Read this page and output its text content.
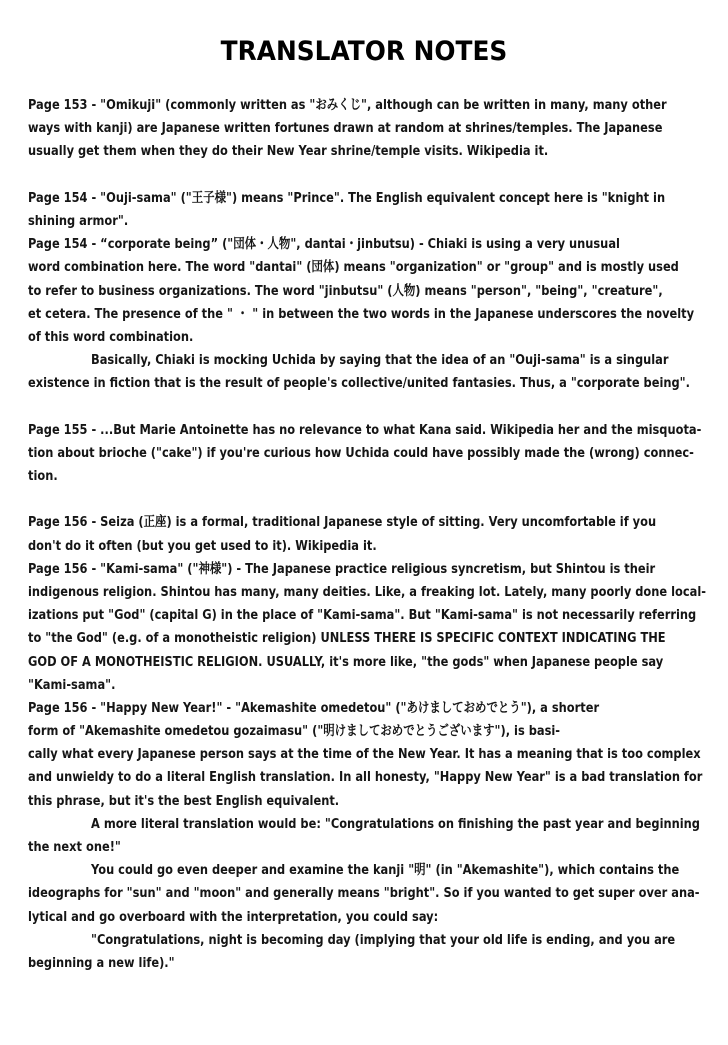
TRANSLATOR NOTES
Page 153 - "Omikuji" (commonly written as "おみくじ", although can be written in many, many other
ways with kanji) are Japanese written fortunes drawn at random at shrines/temples. The Japanese
usually get them when they do their New Year shrine/temple visits. Wikipedia it.
Page 154 - "Ouji-sama" ("王子様") means "Prince". The English equivalent concept here is "knight in
shining armor".
Page 154 - “corporate being” ("団体・人物", dantai・jinbutsu) - Chiaki is using a very unusual
word combination here. The word "dantai" (団体) means "organization" or "group" and is mostly used
to refer to business organizations. The word "jinbutsu" (人物) means "person", "being", "creature",
et cetera. The presence of the " ・ " in between the two words in the Japanese underscores the novelty
of this word combination.
Basically, Chiaki is mocking Uchida by saying that the idea of an "Ouji-sama" is a singular
existence in fiction that is the result of people's collective/united fantasies. Thus, a "corporate being".
Page 155 - ...But Marie Antoinette has no relevance to what Kana said. Wikipedia her and the misquota-
tion about brioche ("cake") if you're curious how Uchida could have possibly made the (wrong) connec-
tion.
Page 156 - Seiza (正座) is a formal, traditional Japanese style of sitting. Very uncomfortable if you
don't do it often (but you get used to it). Wikipedia it.
Page 156 - "Kami-sama" ("神様") - The Japanese practice religious syncretism, but Shintou is their
indigenous religion. Shintou has many, many deities. Like, a freaking lot. Lately, many poorly done local-
izations put "God" (capital G) in the place of "Kami-sama". But "Kami-sama" is not necessarily referring
to "the God" (e.g. of a monotheistic religion) UNLESS THERE IS SPECIFIC CONTEXT INDICATING THE
GOD OF A MONOTHEISTIC RELIGION. USUALLY, it's more like, "the gods" when Japanese people say
"Kami-sama".
Page 156 - "Happy New Year!" - "Akemashite omedetou" ("あけましておめでとう"), a shorter
form of "Akemashite omedetou gozaimasu" ("明けましておめでとうございます"), is basi-
cally what every Japanese person says at the time of the New Year. It has a meaning that is too complex
and unwieldy to do a literal English translation. In all honesty, "Happy New Year" is a bad translation for
this phrase, but it's the best English equivalent.
A more literal translation would be: "Congratulations on finishing the past year and beginning
the next one!"
You could go even deeper and examine the kanji "明" (in "Akemashite"), which contains the
ideographs for "sun" and "moon" and generally means "bright". So if you wanted to get super over ana-
lytical and go overboard with the interpretation, you could say:
"Congratulations, night is becoming day (implying that your old life is ending, and you are
beginning a new life)."
